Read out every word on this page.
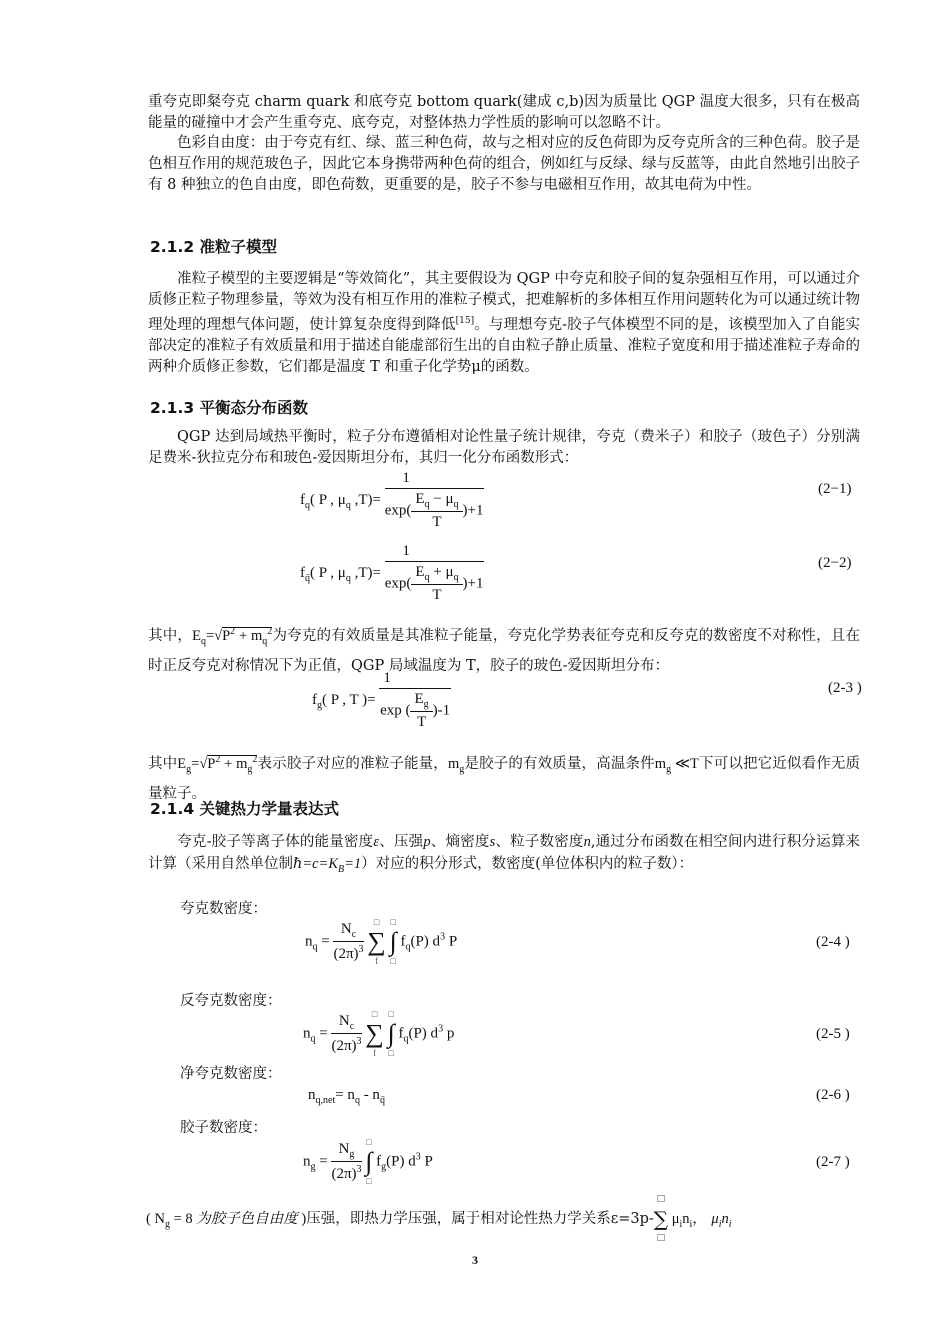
重夸克即粲夸克 charm quark 和底夸克 bottom quark(建成 c,b)因为质量比 QGP 温度大很多，只有在极高能量的碰撞中才会产生重夸克、底夸克，对整体热力学性质的影响可以忽略不计。

色彩自由度：由于夸克有红、绿、蓝三种色荷，故与之相对应的反色荷即为反夸克所含的三种色荷。胶子是色相互作用的规范玻色子，因此它本身携带两种色荷的组合，例如红与反绿、绿与反蓝等，由此自然地引出胶子有 8 种独立的色自由度，即色荷数，更重要的是，胶子不参与电磁相互作用，故其电荷为中性。

2.1.2 准粒子模型

准粒子模型的主要逻辑是“等效简化”，其主要假设为 QGP 中夸克和胶子间的复杂强相互作用，可以通过介质修正粒子物理参量，等效为没有相互作用的准粒子模式，把难解析的多体相互作用问题转化为可以通过统计物理处理的理想气体问题，使计算复杂度得到降低[15]。与理想夸克-胶子气体模型不同的是，该模型加入了自能实部决定的准粒子有效质量和用于描述自能虚部衍生出的自由粒子静止质量、准粒子宽度和用于描述准粒子寿命的两种介质修正参数，它们都是温度 T 和重子化学势μ的函数。

2.1.3 平衡态分布函数

QGP 达到局域热平衡时，粒子分布遵循相对论性量子统计规律，夸克（费米子）和胶子（玻色子）分别满足费米-狄拉克分布和玻色-爱因斯坦分布，其归一化分布函数形式：

$f_q$( P , $\mu_q$ $,T)= \frac{1}{\exp( \frac{E_q - \mu_q}{T} )+1}$	(2−1)
$f_{q̄}$( P , $\mu_q$ $,T)= \frac{1}{\exp( \frac{E_q + \mu_q}{T} )+1}$	(2−2)

其中，$E_q=√P^2 + m_q^2$为夸克的有效质量是其准粒子能量，夸克化学势表征夸克和反夸克的数密度不对称性，且在时正反夸克对称情况下为正值，QGP 局域温度为 T，胶子的玻色-爱因斯坦分布：

$f_g$( P , T )= $\frac{1}{\exp ( \frac{E_g}{T} )-1}$	(2-3 )

其中$E_g=√P^2 + m_g^2$表示胶子对应的准粒子能量，$m_g$是胶子的有效质量，高温条件$m_g$ ≪T下可以把它近似看作无质量粒子。

2.1.4 关键热力学量表达式

夸克-胶子等离子体的能量密度ε、压强p、熵密度s、粒子数密度n,通过分布函数在相空间内进行积分运算来计算（采用自然单位制$\hbar=c=K_B=1$）对应的积分形式，数密度(单位体积内的粒子数）：

夸克数密度：
$n_q = \frac{N_c}{(2\pi)^3}$
	□
∑
f

□
∫
□
$f_q(P)$ $d^3$ P	(2-4 )
反夸克数密度：
$n_q = \frac{N_c}{(2\pi)^3}$
	□
∑
f

□
∫
□
$f_q(P)$ $d^3$ p	(2-5 )
净夸克数密度：
$n_{q,net}= n_q - n_{q̄}$	(2-6 )
胶子数密度：
$n_g = \frac{N_g}{(2\pi)^3}$
□
∫
□
$f_g(P)$ $d^3$ P	(2-7 )
( $N_g = 8$ 为胶子色自由度 )压强，即热力学压强，属于相对论性热力学关系ε=3p-
□
∑
□
$\mu_in_i$， $\mu_in_i$
3
